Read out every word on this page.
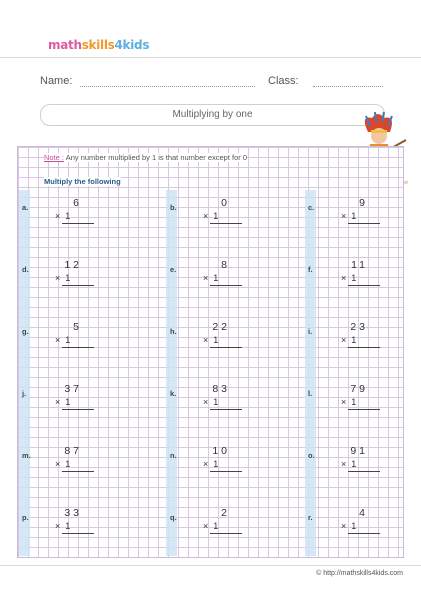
mathskills4kids
Name:	Class:
Multiplying by one
Note : Any number multiplied by 1 is that number except for 0
Multiply the following
a.	6
× 1
b.	0
× 1
c.	9
× 1
d.	12
× 1
e.	8
× 1
f.	11
× 1
g.	5
× 1
h.	22
× 1
i.	23
× 1
j.	37
× 1
k.	83
× 1
l.	79
× 1
m.	87
× 1
n.	10
× 1
o.	91
× 1
p.	33
× 1
q.	2
× 1
r.	4
× 1
© http://mathskills4kids.com
